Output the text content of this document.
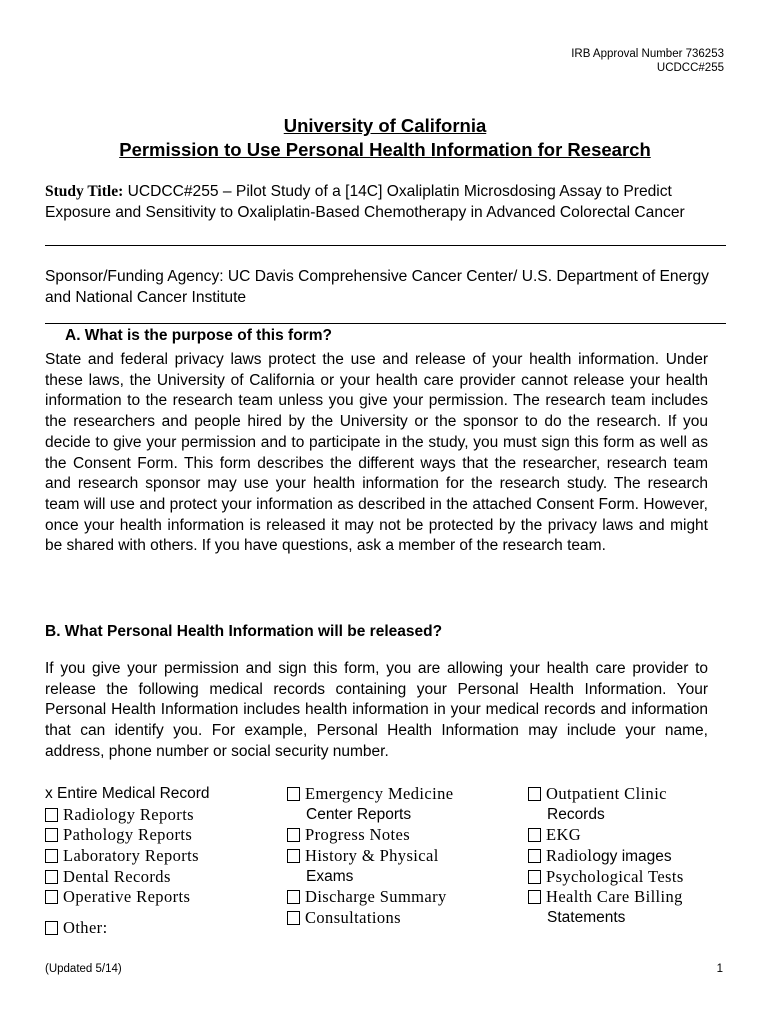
IRB Approval Number 736253
UCDCC#255
University of California
Permission to Use Personal Health Information for Research
Study Title: UCDCC#255 – Pilot Study of a [14C] Oxaliplatin Microsdosing Assay to Predict Exposure and Sensitivity to Oxaliplatin-Based Chemotherapy in Advanced Colorectal Cancer
Sponsor/Funding Agency: UC Davis Comprehensive Cancer Center/ U.S. Department of Energy and National Cancer Institute
A. What is the purpose of this form?
State and federal privacy laws protect the use and release of your health information. Under these laws, the University of California or your health care provider cannot release your health information to the research team unless you give your permission. The research team includes the researchers and people hired by the University or the sponsor to do the research. If you decide to give your permission and to participate in the study, you must sign this form as well as the Consent Form. This form describes the different ways that the researcher, research team and research sponsor may use your health information for the research study. The research team will use and protect your information as described in the attached Consent Form. However, once your health information is released it may not be protected by the privacy laws and might be shared with others. If you have questions, ask a member of the research team.
B. What Personal Health Information will be released?
If you give your permission and sign this form, you are allowing your health care provider to release the following medical records containing your Personal Health Information. Your Personal Health Information includes health information in your medical records and information that can identify you. For example, Personal Health Information may include your name, address, phone number or social security number.
x Entire Medical Record
Radiology Reports
Pathology Reports
Laboratory Reports
Dental Records
Operative Reports
Other:
Emergency Medicine
Center Reports
Progress Notes
History & Physical
Exams
Discharge Summary
Consultations
Outpatient Clinic
Records
EKG
Radiology images
Psychological Tests
Health Care Billing
Statements
(Updated 5/14)	1
